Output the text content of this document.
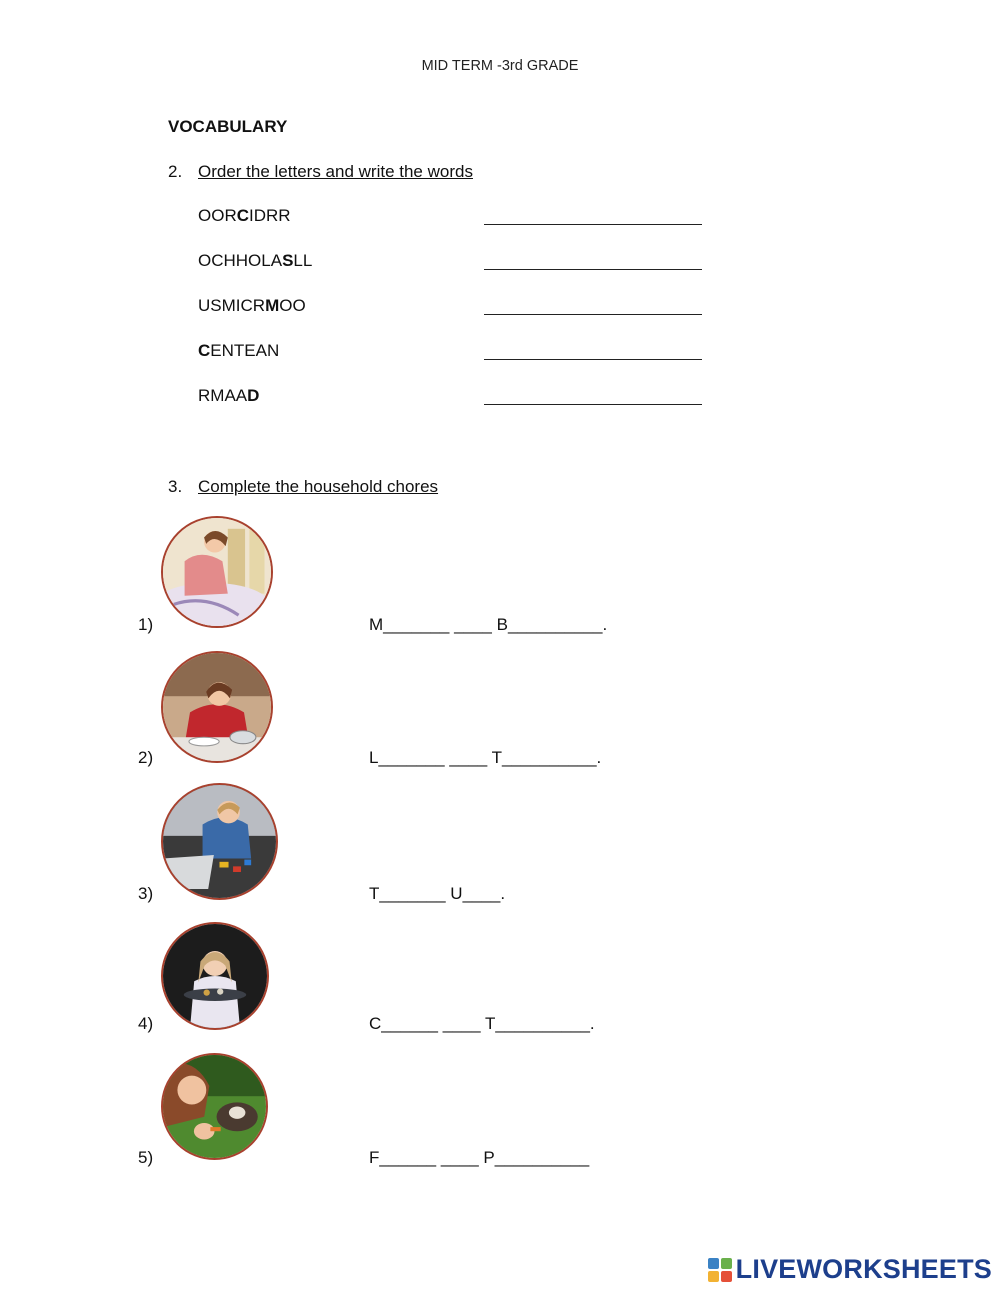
MID TERM -3rd GRADE
VOCABULARY
2. Order the letters and write the words
OORCIDRR
OCHHOLASLL
USMICRMOO
CENTEAN
RMAAD
3. Complete the household chores
1)	M_______ ____ B__________.
2)	L_______ ____ T__________.
3)	T_______ U____.
4)	C______ ____ T__________.
5)	F______ ____ P__________
LIVEWORKSHEETS
